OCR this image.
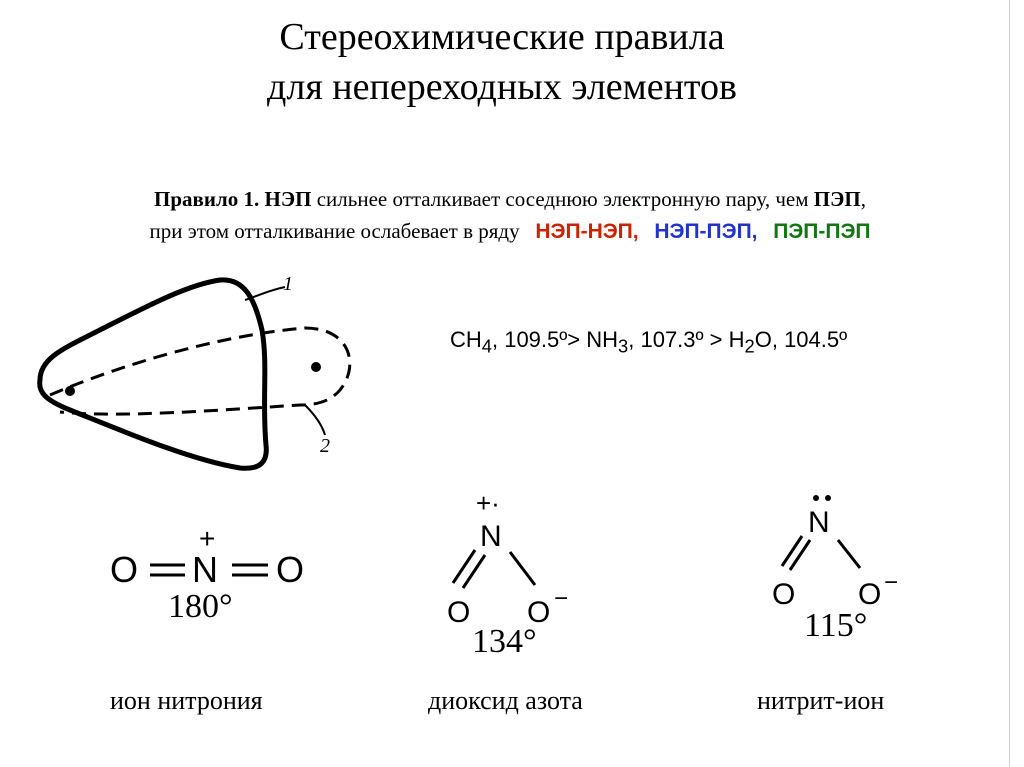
Стереохимические правила
для непереходных элементов
Правило 1. НЭП сильнее отталкивает соседнюю электронную пару, чем ПЭП,
при этом отталкивание ослабевает в ряду НЭП-НЭП, НЭП-ПЭП, ПЭП-ПЭП
$CH_4$, 109.5º> $NH_3$, 107.3º > $H_2O$, 104.5º
1
2
O N O
+
180°
+·
N
O O −
134°
N
O O −
115°
ион нитрония	диоксид азота	нитрит-ион
